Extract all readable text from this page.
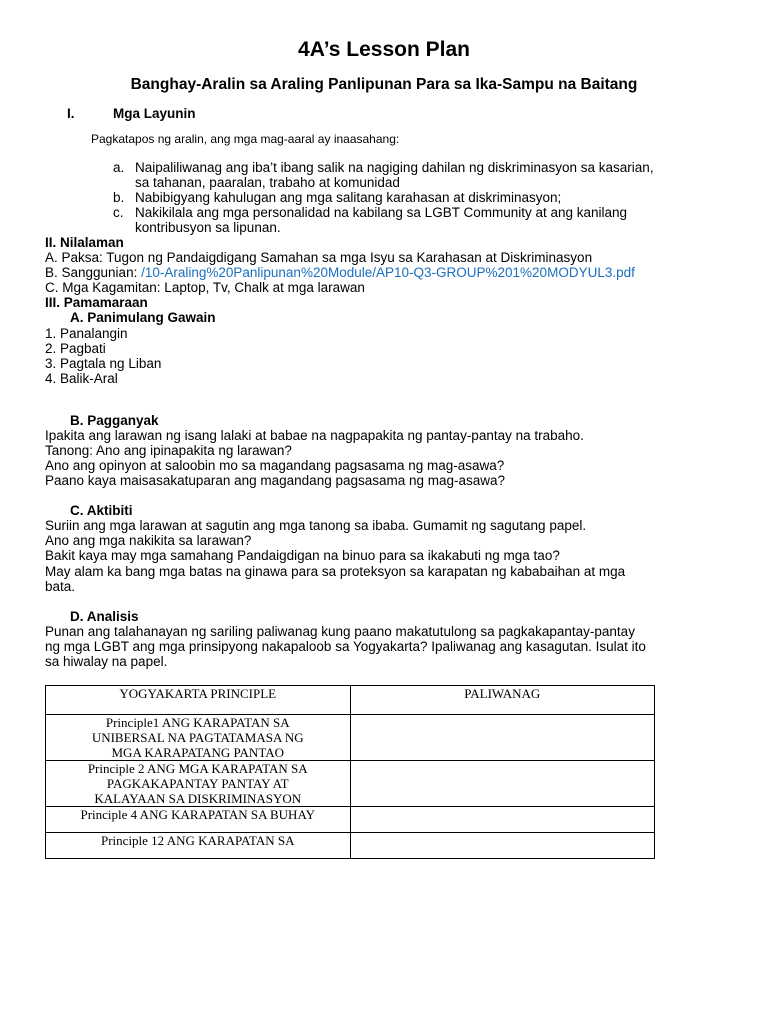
4A’s Lesson Plan
Banghay-Aralin sa Araling Panlipunan Para sa Ika-Sampu na Baitang
I.	Mga Layunin
Pagkatapos ng aralin, ang mga mag-aaral ay inaasahang:
a. Naipaliliwanag ang iba’t ibang salik na nagiging dahilan ng diskriminasyon sa kasarian,
sa tahanan, paaralan, trabaho at komunidad
b. Nabibigyang kahulugan ang mga salitang karahasan at diskriminasyon;
c. Nakikilala ang mga personalidad na kabilang sa LGBT Community at ang kanilang
kontribusyon sa lipunan.
II. Nilalaman
A. Paksa: Tugon ng Pandaigdigang Samahan sa mga Isyu sa Karahasan at Diskriminasyon
B. Sanggunian: /10-Araling%20Panlipunan%20Module/AP10-Q3-GROUP%201%20MODYUL3.pdf
C. Mga Kagamitan: Laptop, Tv, Chalk at mga larawan
III. Pamamaraan
A. Panimulang Gawain
1. Panalangin
2. Pagbati
3. Pagtala ng Liban
4. Balik-Aral
B. Pagganyak
Ipakita ang larawan ng isang lalaki at babae na nagpapakita ng pantay-pantay na trabaho.
Tanong: Ano ang ipinapakita ng larawan?
Ano ang opinyon at saloobin mo sa magandang pagsasama ng mag-asawa?
Paano kaya maisasakatuparan ang magandang pagsasama ng mag-asawa?
C. Aktibiti
Suriin ang mga larawan at sagutin ang mga tanong sa ibaba. Gumamit ng sagutang papel.
Ano ang mga nakikita sa larawan?
Bakit kaya may mga samahang Pandaigdigan na binuo para sa ikakabuti ng mga tao?
May alam ka bang mga batas na ginawa para sa proteksyon sa karapatan ng kababaihan at mga
bata.
D. Analisis
Punan ang talahanayan ng sariling paliwanag kung paano makatutulong sa pagkakapantay-pantay
ng mga LGBT ang mga prinsipyong nakapaloob sa Yogyakarta? Ipaliwanag ang kasagutan. Isulat ito
sa hiwalay na papel.
YOGYAKARTA PRINCIPLE	PALIWANAG

Principle1 ANG KARAPATAN SA
UNIBERSAL NA PAGTATAMASA NG
MGA KARAPATANG PANTAO	

Principle 2 ANG MGA KARAPATAN SA
PAGKAKAPANTAY PANTAY AT
KALAYAAN SA DISKRIMINASYON	

Principle 4 ANG KARAPATAN SA BUHAY	

Principle 12 ANG KARAPATAN SA	
